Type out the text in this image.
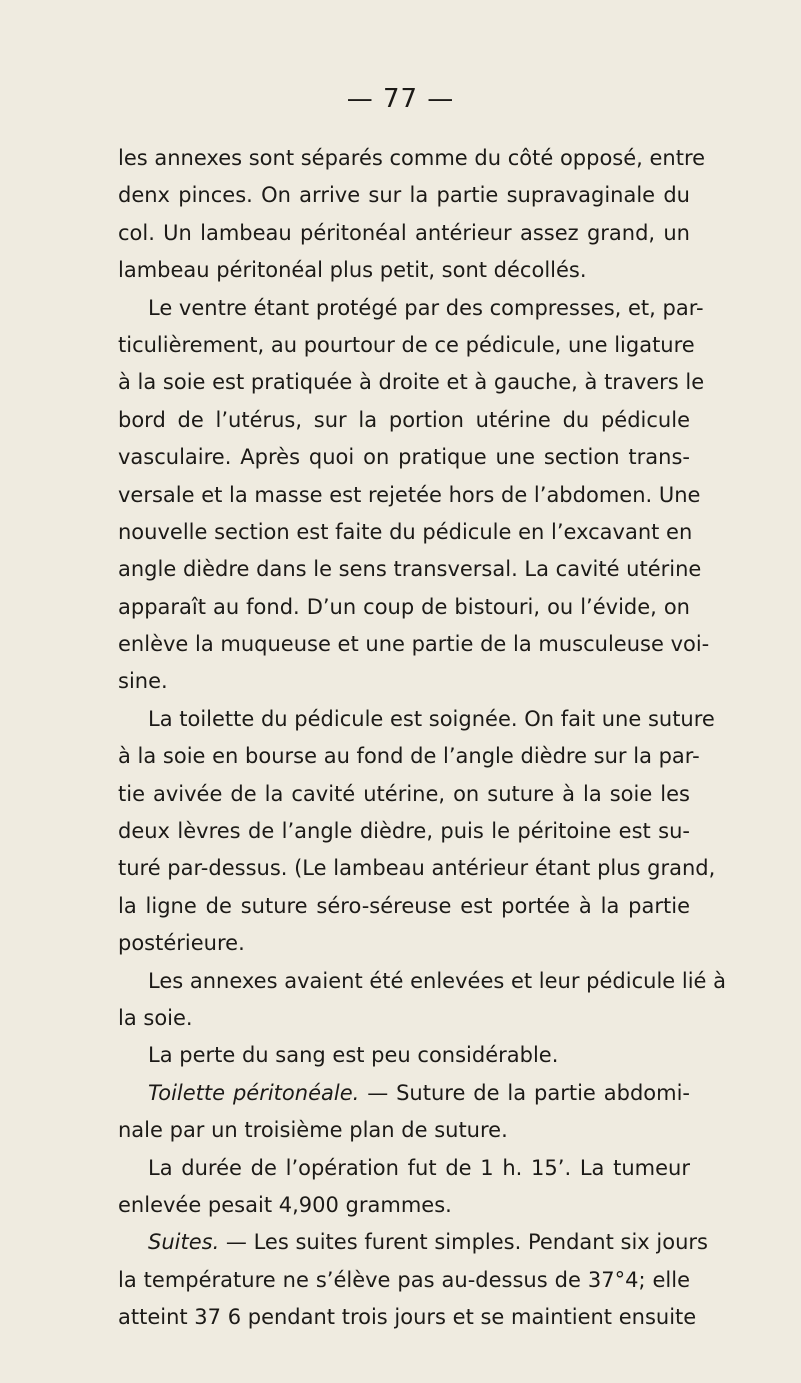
— 77 —
les annexes sont séparés comme du côté opposé, entre
denx pinces. On arrive sur la partie supravaginale du
col. Un lambeau péritonéal antérieur assez grand, un
lambeau péritonéal plus petit, sont décollés.
Le ventre étant protégé par des compresses, et, par-
ticulièrement, au pourtour de ce pédicule, une ligature
à la soie est pratiquée à droite et à gauche, à travers le
bord de l’utérus, sur la portion utérine du pédicule
vasculaire. Après quoi on pratique une section trans-
versale et la masse est rejetée hors de l’abdomen. Une
nouvelle section est faite du pédicule en l’excavant en
angle dièdre dans le sens transversal. La cavité utérine
apparaît au fond. D’un coup de bistouri, ou l’évide, on
enlève la muqueuse et une partie de la musculeuse voi-
sine.
La toilette du pédicule est soignée. On fait une suture
à la soie en bourse au fond de l’angle dièdre sur la par-
tie avivée de la cavité utérine, on suture à la soie les
deux lèvres de l’angle dièdre, puis le péritoine est su-
turé par-dessus. (Le lambeau antérieur étant plus grand,
la ligne de suture séro-séreuse est portée à la partie
postérieure.
Les annexes avaient été enlevées et leur pédicule lié à
la soie.
La perte du sang est peu considérable.
Toilette péritonéale. — Suture de la partie abdomi-
nale par un troisième plan de suture.
La durée de l’opération fut de 1 h. 15’. La tumeur
enlevée pesait 4,900 grammes.
Suites. — Les suites furent simples. Pendant six jours
la température ne s’élève pas au-dessus de 37°4; elle
atteint 37 6 pendant trois jours et se maintient ensuite
